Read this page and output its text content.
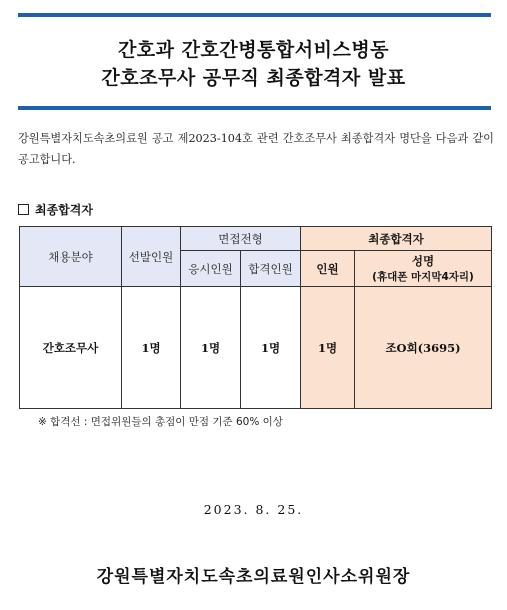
간호과 간호간병통합서비스병동
간호조무사 공무직 최종합격자 발표
강원특별자치도속초의료원 공고 제2023-104호 관련 간호조무사 최종합격자 명단을 다음과 같이 공고합니다.
최종합격자
채용분야	선발인원	면접전형		최종합격자	
		응시인원	합격인원	인원	성명
(휴대폰 마지막4자리)

간호조무사	1명	1명	1명	1명	조O희(3695)
※ 합격선 : 면접위원들의 총점이 만점 기준 60% 이상
2023. 8. 25.
강원특별자치도속초의료원인사소위원장
